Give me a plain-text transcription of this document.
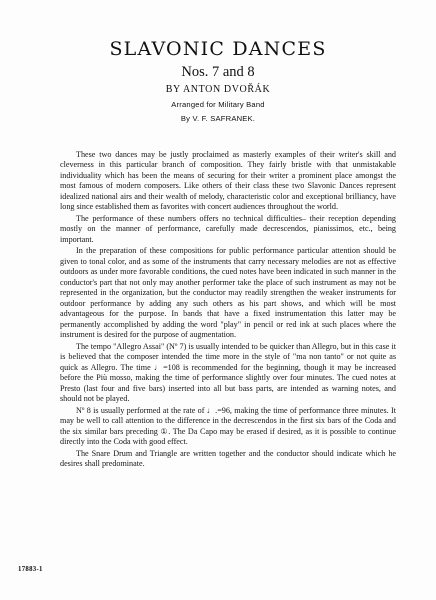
SLAVONIC DANCES
Nos. 7 and 8
BY ANTON DVOŘÁK
Arranged for Military Band
By V. F. SAFRANEK.

These two dances may be justly proclaimed as masterly examples of their writer's skill and cleverness in this particular branch of composition. They fairly bristle with that unmistakable individuality which has been the means of securing for their writer a prominent place amongst the most famous of modern composers. Like others of their class these two Slavonic Dances represent idealized national airs and their wealth of melody, characteristic color and exceptional brilliancy, have long since established them as favorites with concert audiences throughout the world.

The performance of these numbers offers no technical difficulties– their reception depending mostly on the manner of performance, carefully made decrescendos, pianissimos, etc., being important.

In the preparation of these compositions for public performance particular attention should be given to tonal color, and as some of the instruments that carry necessary melodies are not as effective outdoors as under more favorable conditions, the cued notes have been indicated in such manner in the conductor's part that not only may another performer take the place of such instrument as may not be represented in the organization, but the conductor may readily strengthen the weaker instruments for outdoor performance by adding any such others as his part shows, and which will be most advantageous for the purpose. In bands that have a fixed instrumentation this latter may be permanently accomplished by adding the word "play" in pencil or red ink at such places where the instrument is desired for the purpose of augmentation.

The tempo "Allegro Assai" (Nº 7) is usually intended to be quicker than Allegro, but in this case it is believed that the composer intended the time more in the style of "ma non tanto" or not quite as quick as Allegro. The time ♩=108 is recommended for the beginning, though it may be increased before the Più mosso, making the time of performance slightly over four minutes. The cued notes at Presto (last four and five bars) inserted into all but bass parts, are intended as warning notes, and should not be played.

Nº 8 is usually performed at the rate of ♩.=96, making the time of performance three minutes. It may be well to call attention to the difference in the decrescendos in the first six bars of the Coda and the six similar bars preceding ①. The Da Capo may be erased if desired, as it is possible to continue directly into the Coda with good effect.

The Snare Drum and Triangle are written together and the conductor should indicate which he desires shall predominate.

17883-1
